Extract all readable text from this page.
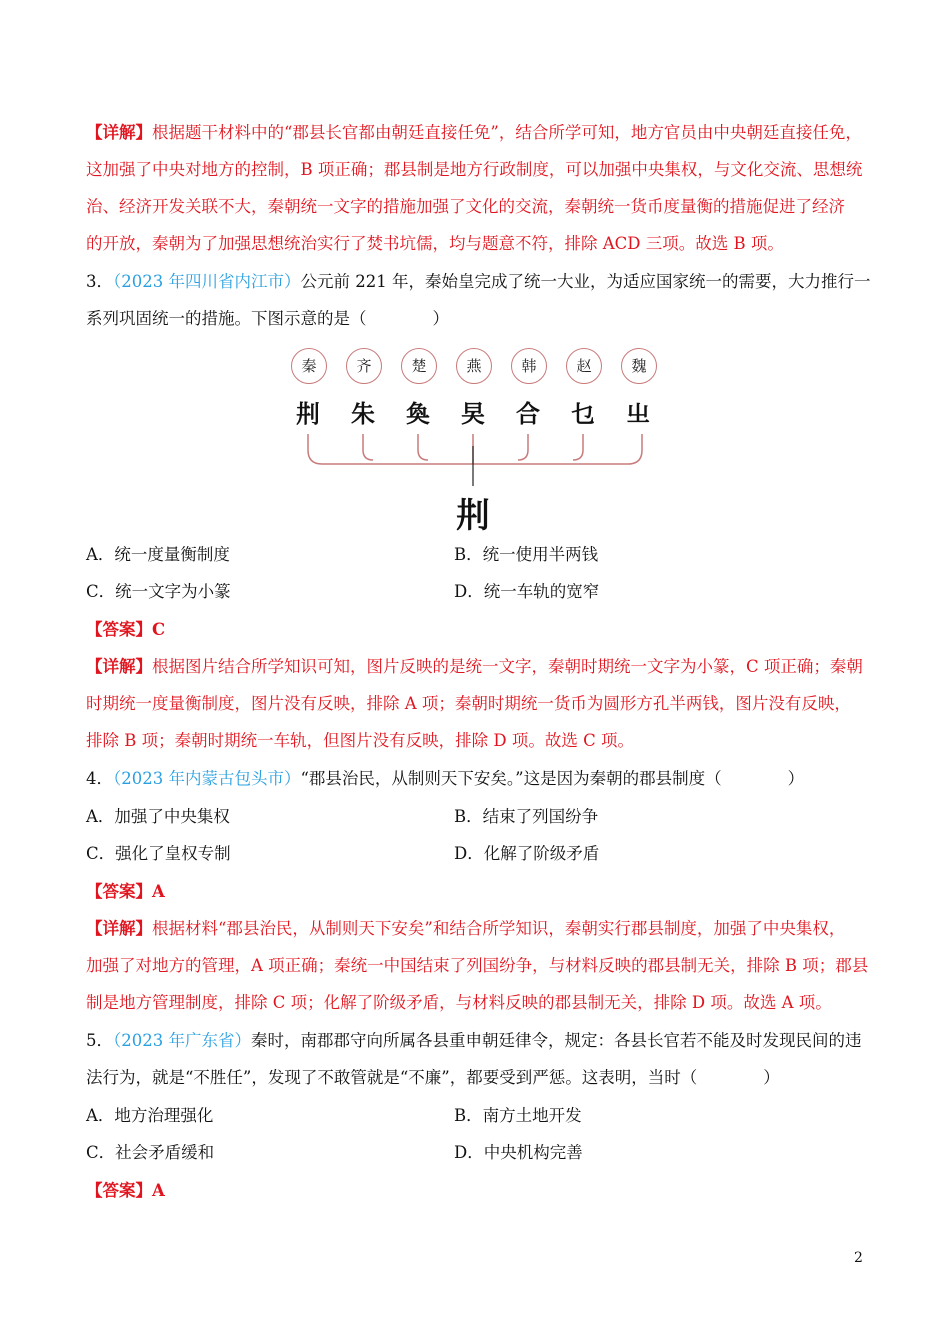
【详解】根据题干材料中的“郡县长官都由朝廷直接任免”，结合所学可知，地方官员由中央朝廷直接任免，
这加强了中央对地方的控制，B 项正确；郡县制是地方行政制度，可以加强中央集权，与文化交流、思想统
治、经济开发关联不大，秦朝统一文字的措施加强了文化的交流，秦朝统一货币度量衡的措施促进了经济
的开放，秦朝为了加强思想统治实行了焚书坑儒，均与题意不符，排除 ACD 三项。故选 B 项。
3．（2023 年四川省内江市）公元前 221 年，秦始皇完成了统一大业，为适应国家统一的需要，大力推行一
系列巩固统一的措施。下图示意的是（　　　　）
秦	齐	楚	燕	韩	赵	魏
㓝 朱 奐 旲 合 乜 㞢
㓝
A．统一度量衡制度	B．统一使用半两钱
C．统一文字为小篆	D．统一车轨的宽窄
【答案】C
【详解】根据图片结合所学知识可知，图片反映的是统一文字，秦朝时期统一文字为小篆，C 项正确；秦朝
时期统一度量衡制度，图片没有反映，排除 A 项；秦朝时期统一货币为圆形方孔半两钱，图片没有反映，
排除 B 项；秦朝时期统一车轨，但图片没有反映，排除 D 项。故选 C 项。
4．（2023 年内蒙古包头市）“郡县治民，从制则天下安矣。”这是因为秦朝的郡县制度（　　　　）
A．加强了中央集权	B．结束了列国纷争
C．强化了皇权专制	D．化解了阶级矛盾
【答案】A
【详解】根据材料“郡县治民，从制则天下安矣”和结合所学知识，秦朝实行郡县制度，加强了中央集权，
加强了对地方的管理，A 项正确；秦统一中国结束了列国纷争，与材料反映的郡县制无关，排除 B 项；郡县
制是地方管理制度，排除 C 项；化解了阶级矛盾，与材料反映的郡县制无关，排除 D 项。故选 A 项。
5．（2023 年广东省）秦时，南郡郡守向所属各县重申朝廷律令，规定：各县长官若不能及时发现民间的违
法行为，就是“不胜任”，发现了不敢管就是“不廉”，都要受到严惩。这表明，当时（　　　　）
A．地方治理强化	B．南方土地开发
C．社会矛盾缓和	D．中央机构完善
【答案】A
2
